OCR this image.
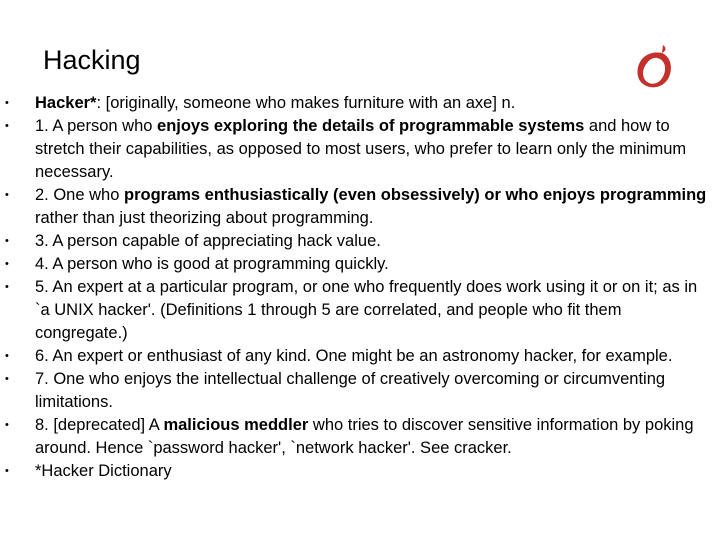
Hacking
• Hacker*: [originally, someone who makes furniture with an axe] n.
• 1. A person who enjoys exploring the details of programmable systems and how to stretch their capabilities, as opposed to most users, who prefer to learn only the minimum necessary.
• 2. One who programs enthusiastically (even obsessively) or who enjoys programming rather than just theorizing about programming.
• 3. A person capable of appreciating hack value.
• 4. A person who is good at programming quickly.
• 5. An expert at a particular program, or one who frequently does work using it or on it; as in `a UNIX hacker'. (Definitions 1 through 5 are correlated, and people who fit them congregate.)
• 6. An expert or enthusiast of any kind. One might be an astronomy hacker, for example.
• 7. One who enjoys the intellectual challenge of creatively overcoming or circumventing limitations.
• 8. [deprecated] A malicious meddler who tries to discover sensitive information by poking around. Hence `password hacker', `network hacker'. See cracker.
• *Hacker Dictionary
